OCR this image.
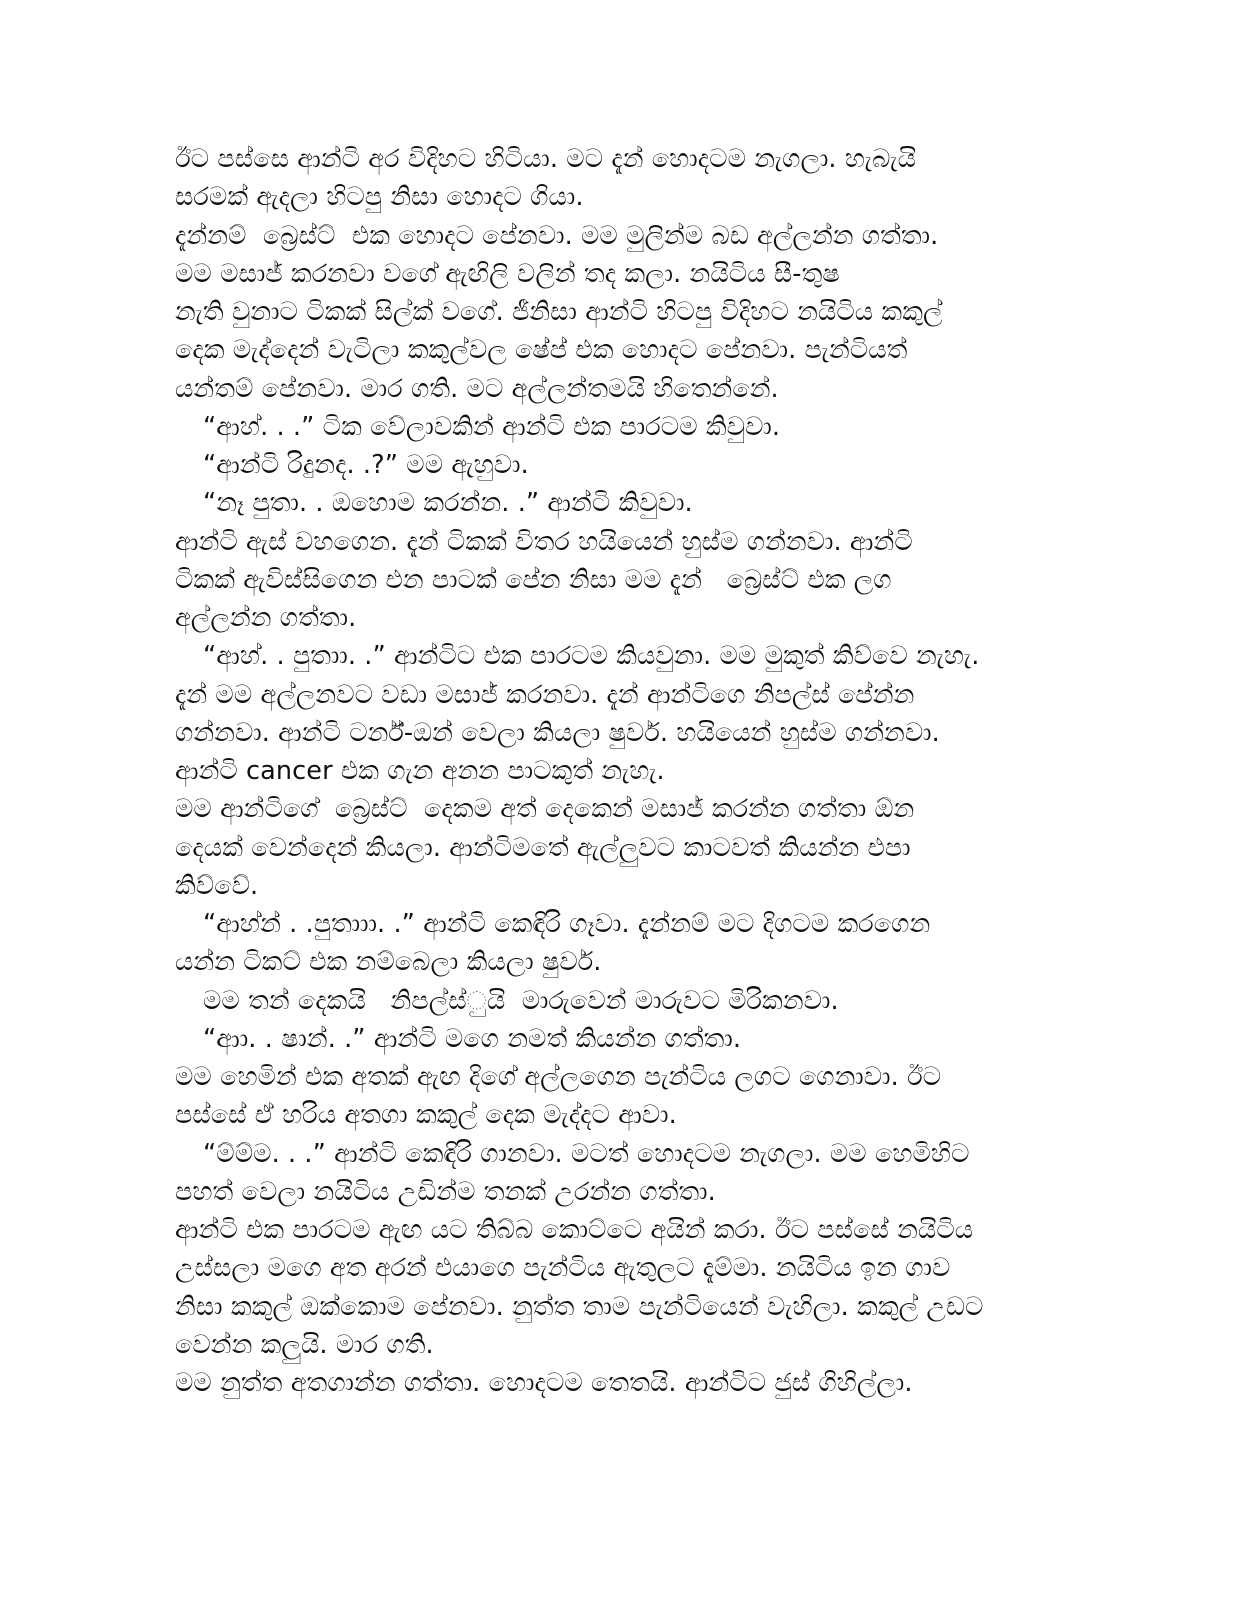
ඊට පස්සෙ ආන්ටි අර විදිහට හිටියා. මට දැන් හොදටම නැගලා. හැබැයි
සරමක් ඇදලා හිටපු නිසා හොදට ගියා.
දැන්නම්  බ්‍රෙස්ට්  එක හොදට පේනවා. මම මුලින්ම බඩ අල්ලන්න ගත්තා.
මම මසාජ් කරනවා වගේ ඇඟිලි වලින් තද කලා. නයිටිය සී-තුෂ
නැති වුනාට ටිකක් සිල්ක් වගේ. ජීනිසා ආන්ටි හිටපු විදිහට නයිටිය කකුල්
දෙක මැද්දෙන් වැටිලා කකුල්වල ෂේප් එක හොදට පේනවා. පැන්ටියත්
යන්තම් පේනවා. මාර ගති. මට අල්ලන්තමයි හිතෙන්නේ.
“ආහ්. . .” ටික වේලාවකින් ආන්ටි එක පාරටම කිවුවා.
“ආන්ටි රිදුනද. .?” මම ඇහුවා.
“නෑ පුතා. . ඔහොම කරන්න. .” ආන්ටි කිවුවා.
ආන්ටි ඇස් වහගෙන. දැන් ටිකක් විතර හයියෙන් හුස්ම ගන්නවා. ආන්ටි
ටිකක් ඇවිස්සිගෙන එන පාටක් පේන නිසා මම දැන්   බ්‍රෙස්ට් එක ලග
අල්ලන්න ගත්තා.
“ආහ්. . පුතාා. .” ආන්ටිට එක පාරටම කියවුනා. මම මුකුත් කිව්වෙ නැහැ.
දැන් මම අල්ලනවට වඩා මසාජ් කරනවා. දැන් ආන්ටිගෙ නිපල්ස් පේන්න
ගන්නවා. ආන්ටි ටර්න්-ඔන් වෙලා කියලා ෂුවර්. හයියෙන් හුස්ම ගන්නවා.
ආන්ටි cancer එක ගැන අනන පාටකුත් නැහැ.
මම ආන්ටිගේ  බ්‍රෙස්ට්  දෙකම අත් දෙකෙන් මසාජ් කරන්න ගත්තා ඕන
දෙයක් වෙන්දෙන් කියලා. ආන්ටිමතේ ඇල්ලුවට කාටවත් කියන්න එපා
කිව්වේ.
“ආහ්න් . .පුතාාා. .” ආන්ටි කෙඳිරි ගෑවා. දැන්නම් මට දිගටම කරගෙන
යන්න ටිකට් එක නම්බෙලා කියලා ෂුවර්.
මම තන් දෙකයි   නිපල්ස්ුයි  මාරුවෙන් මාරුවට මිරිකනවා.
“ආා. . ෂාන්. .” ආන්ටි මගෙ නමත් කියන්න ගත්තා.
මම හෙමින් එක අතක් ඇඟ දිගේ අල්ලගෙන පැන්ටිය ලගට ගෙනාවා. ඊට
පස්සේ ඒ හරිය අතගා කකුල් දෙක මැද්දට ආවා.
“ම්ම්ම. . .” ආන්ටි කෙඳිරි ගානවා. මටත් හොදටම නැගලා. මම හෙමිහිට
පහත් වෙලා නයිටිය උඩින්ම තනක් උරන්න ගත්තා.
ආන්ටි එක පාරටම ඇඟ යට තිබ්බ කොට්ටෙ අයින් කරා. ඊට පස්සේ නයිටිය
උස්සලා මගෙ අත අරන් එයාගෙ පැන්ටිය ඇතුලට දැම්මා. නයිටිය ඉන ගාව
නිසා කකුල් ඔක්කොම පේනවා. නුත්ත තාම පැන්ටියෙන් වැහිලා. කකුල් උඩට
වෙන්න කලුයි. මාර ගති.
මම නුත්ත අතගාන්න ගත්තා. හොදටම තෙතයි. ආන්ටිට ජුස් ගිහිල්ලා.
